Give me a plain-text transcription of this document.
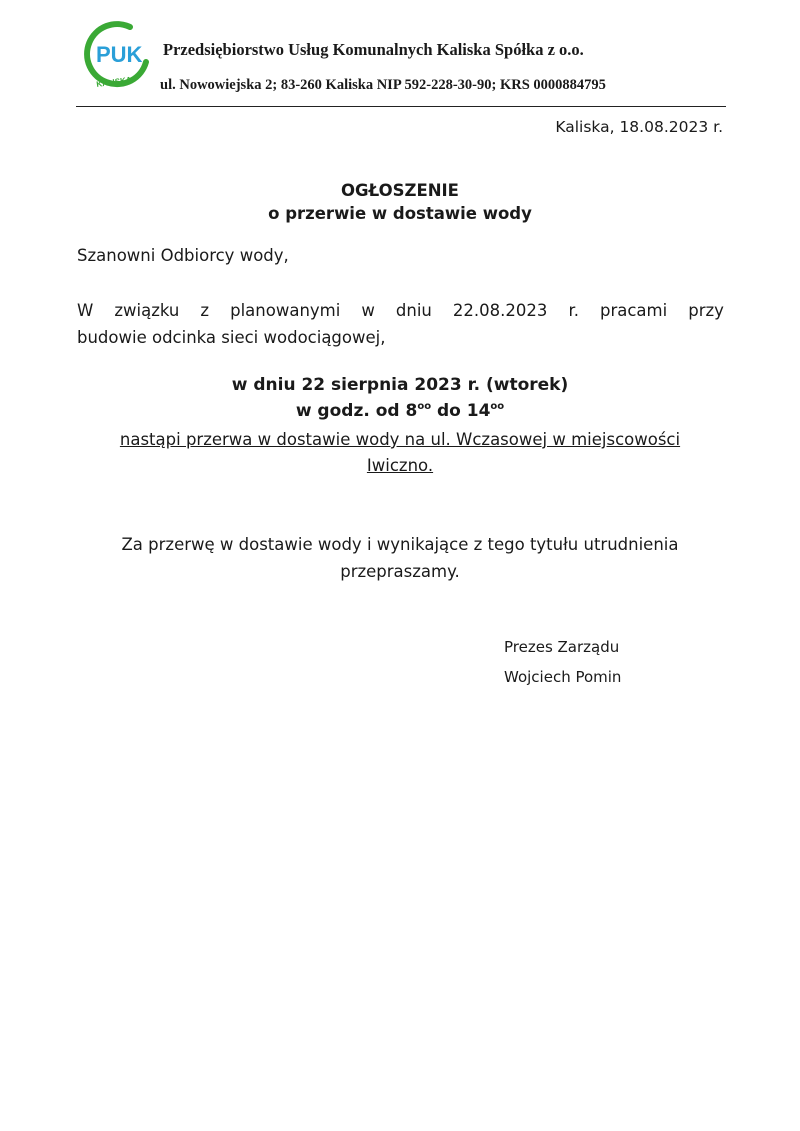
PUK
KALISKA
Przedsiębiorstwo Usług Komunalnych Kaliska Spółka z o.o.
ul. Nowowiejska 2; 83-260 Kaliska NIP 592-228-30-90; KRS 0000884795
Kaliska, 18.08.2023 r.
OGŁOSZENIE
o przerwie w dostawie wody
Szanowni Odbiorcy wody,
W związku z planowanymi w dniu 22.08.2023 r. pracami przy
budowie odcinka sieci wodociągowej,
w dniu 22 sierpnia 2023 r. (wtorek)
w godz. od $8^{oo}$ do $14^{oo}$
nastąpi przerwa w dostawie wody na ul. Wczasowej w miejscowości
Iwiczno.
Za przerwę w dostawie wody i wynikające z tego tytułu utrudnienia
przepraszamy.
Prezes Zarządu
Wojciech Pomin
